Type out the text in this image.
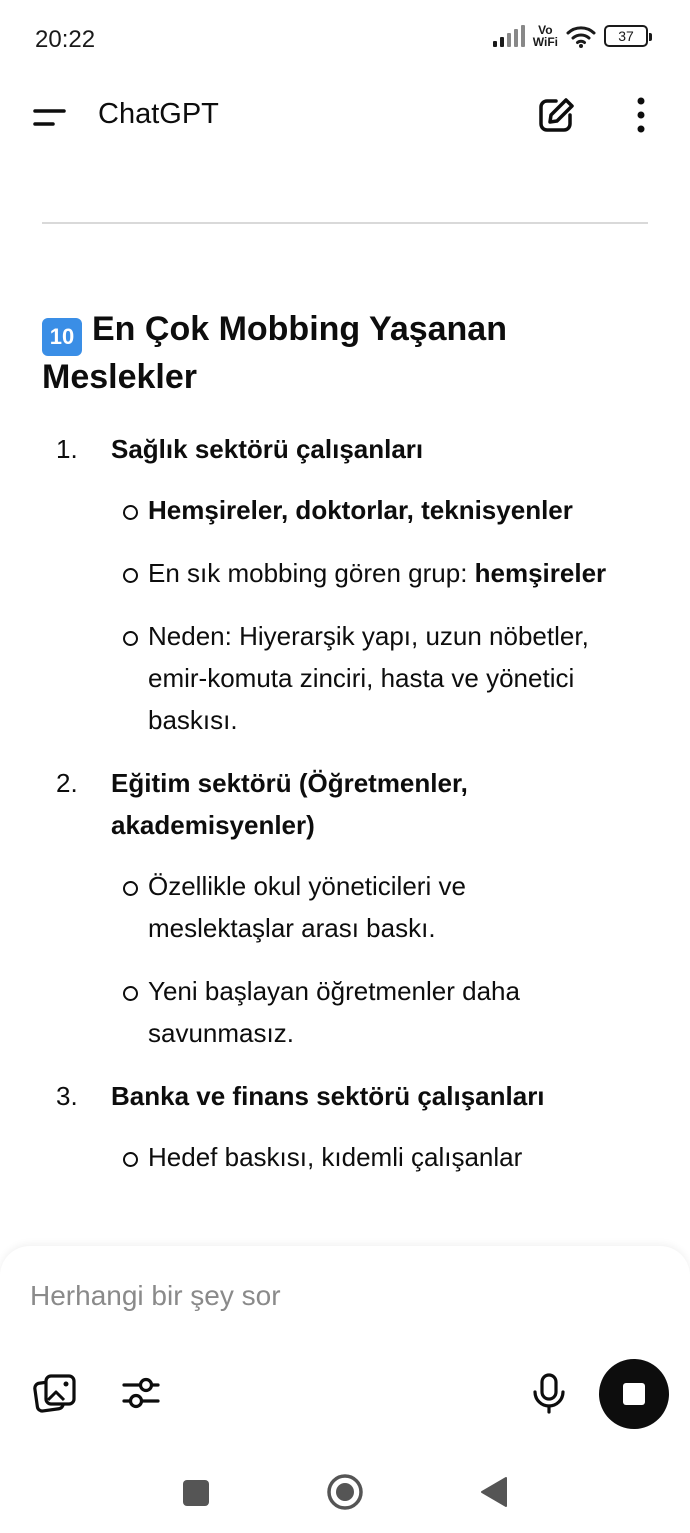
20:22	Vo
WiFi	37
ChatGPT
10 En Çok Mobbing Yaşanan Meslekler
1. Sağlık sektörü çalışanları
Hemşireler, doktorlar, teknisyenler
En sık mobbing gören grup: hemşireler
Neden: Hiyerarşik yapı, uzun nöbetler, emir-komuta zinciri, hasta ve yönetici baskısı.
2. Eğitim sektörü (Öğretmenler, akademisyenler)
Özellikle okul yöneticileri ve meslektaşlar arası baskı.
Yeni başlayan öğretmenler daha savunmasız.
3. Banka ve finans sektörü çalışanları
Hedef baskısı, kıdemli çalışanlar
Herhangi bir şey sor
